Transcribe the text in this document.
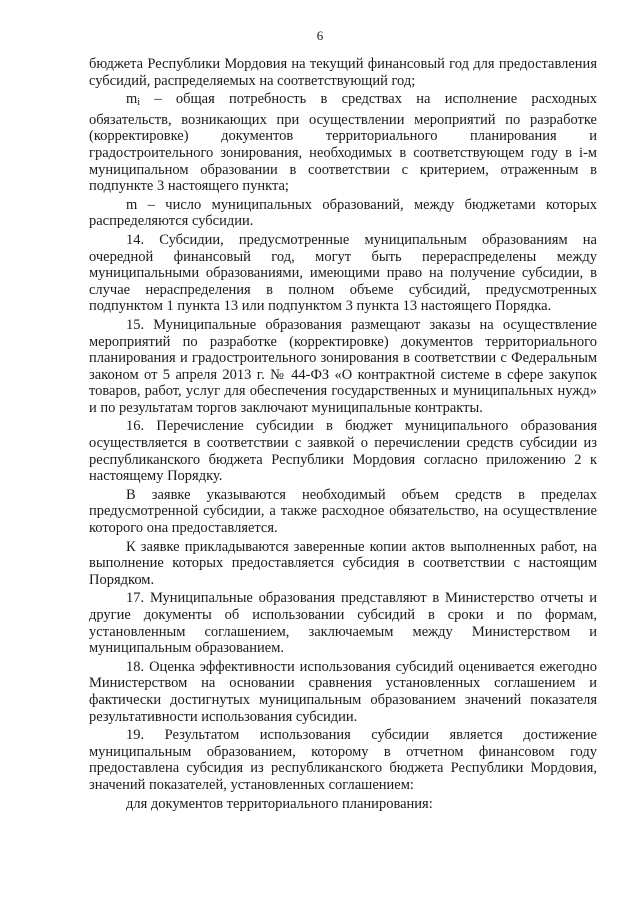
6

бюджета Республики Мордовия на текущий финансовый год для предоставления субсидий, распределяемых на соответствующий год;

$m_i$ – общая потребность в средствах на исполнение расходных обязательств, возникающих при осуществлении мероприятий по разработке (корректировке) документов территориального планирования и градостроительного зонирования, необходимых в соответствующем году в i-м муниципальном образовании в соответствии с критерием, отраженным в подпункте 3 настоящего пункта;

m – число муниципальных образований, между бюджетами которых распределяются субсидии.

14. Субсидии, предусмотренные муниципальным образованиям на очередной финансовый год, могут быть перераспределены между муниципальными образованиями, имеющими право на получение субсидии, в случае нераспределения в полном объеме субсидий, предусмотренных подпунктом 1 пункта 13 или подпунктом 3 пункта 13 настоящего Порядка.

15. Муниципальные образования размещают заказы на осуществление мероприятий по разработке (корректировке) документов территориального планирования и градостроительного зонирования в соответствии с Федеральным законом от 5 апреля 2013 г. № 44-ФЗ «О контрактной системе в сфере закупок товаров, работ, услуг для обеспечения государственных и муниципальных нужд» и по результатам торгов заключают муниципальные контракты.

16. Перечисление субсидии в бюджет муниципального образования осуществляется в соответствии с заявкой о перечислении средств субсидии из республиканского бюджета Республики Мордовия согласно приложению 2 к настоящему Порядку.

В заявке указываются необходимый объем средств в пределах предусмотренной субсидии, а также расходное обязательство, на осуществление которого она предоставляется.

К заявке прикладываются заверенные копии актов выполненных работ, на выполнение которых предоставляется субсидия в соответствии с настоящим Порядком.

17. Муниципальные образования представляют в Министерство отчеты и другие документы об использовании субсидий в сроки и по формам, установленным соглашением, заключаемым между Министерством и муниципальным образованием.

18. Оценка эффективности использования субсидий оценивается ежегодно Министерством на основании сравнения установленных соглашением и фактически достигнутых муниципальным образованием значений показателя результативности использования субсидии.

19. Результатом использования субсидии является достижение муниципальным образованием, которому в отчетном финансовом году предоставлена субсидия из республиканского бюджета Республики Мордовия, значений показателей, установленных соглашением:

для документов территориального планирования:
